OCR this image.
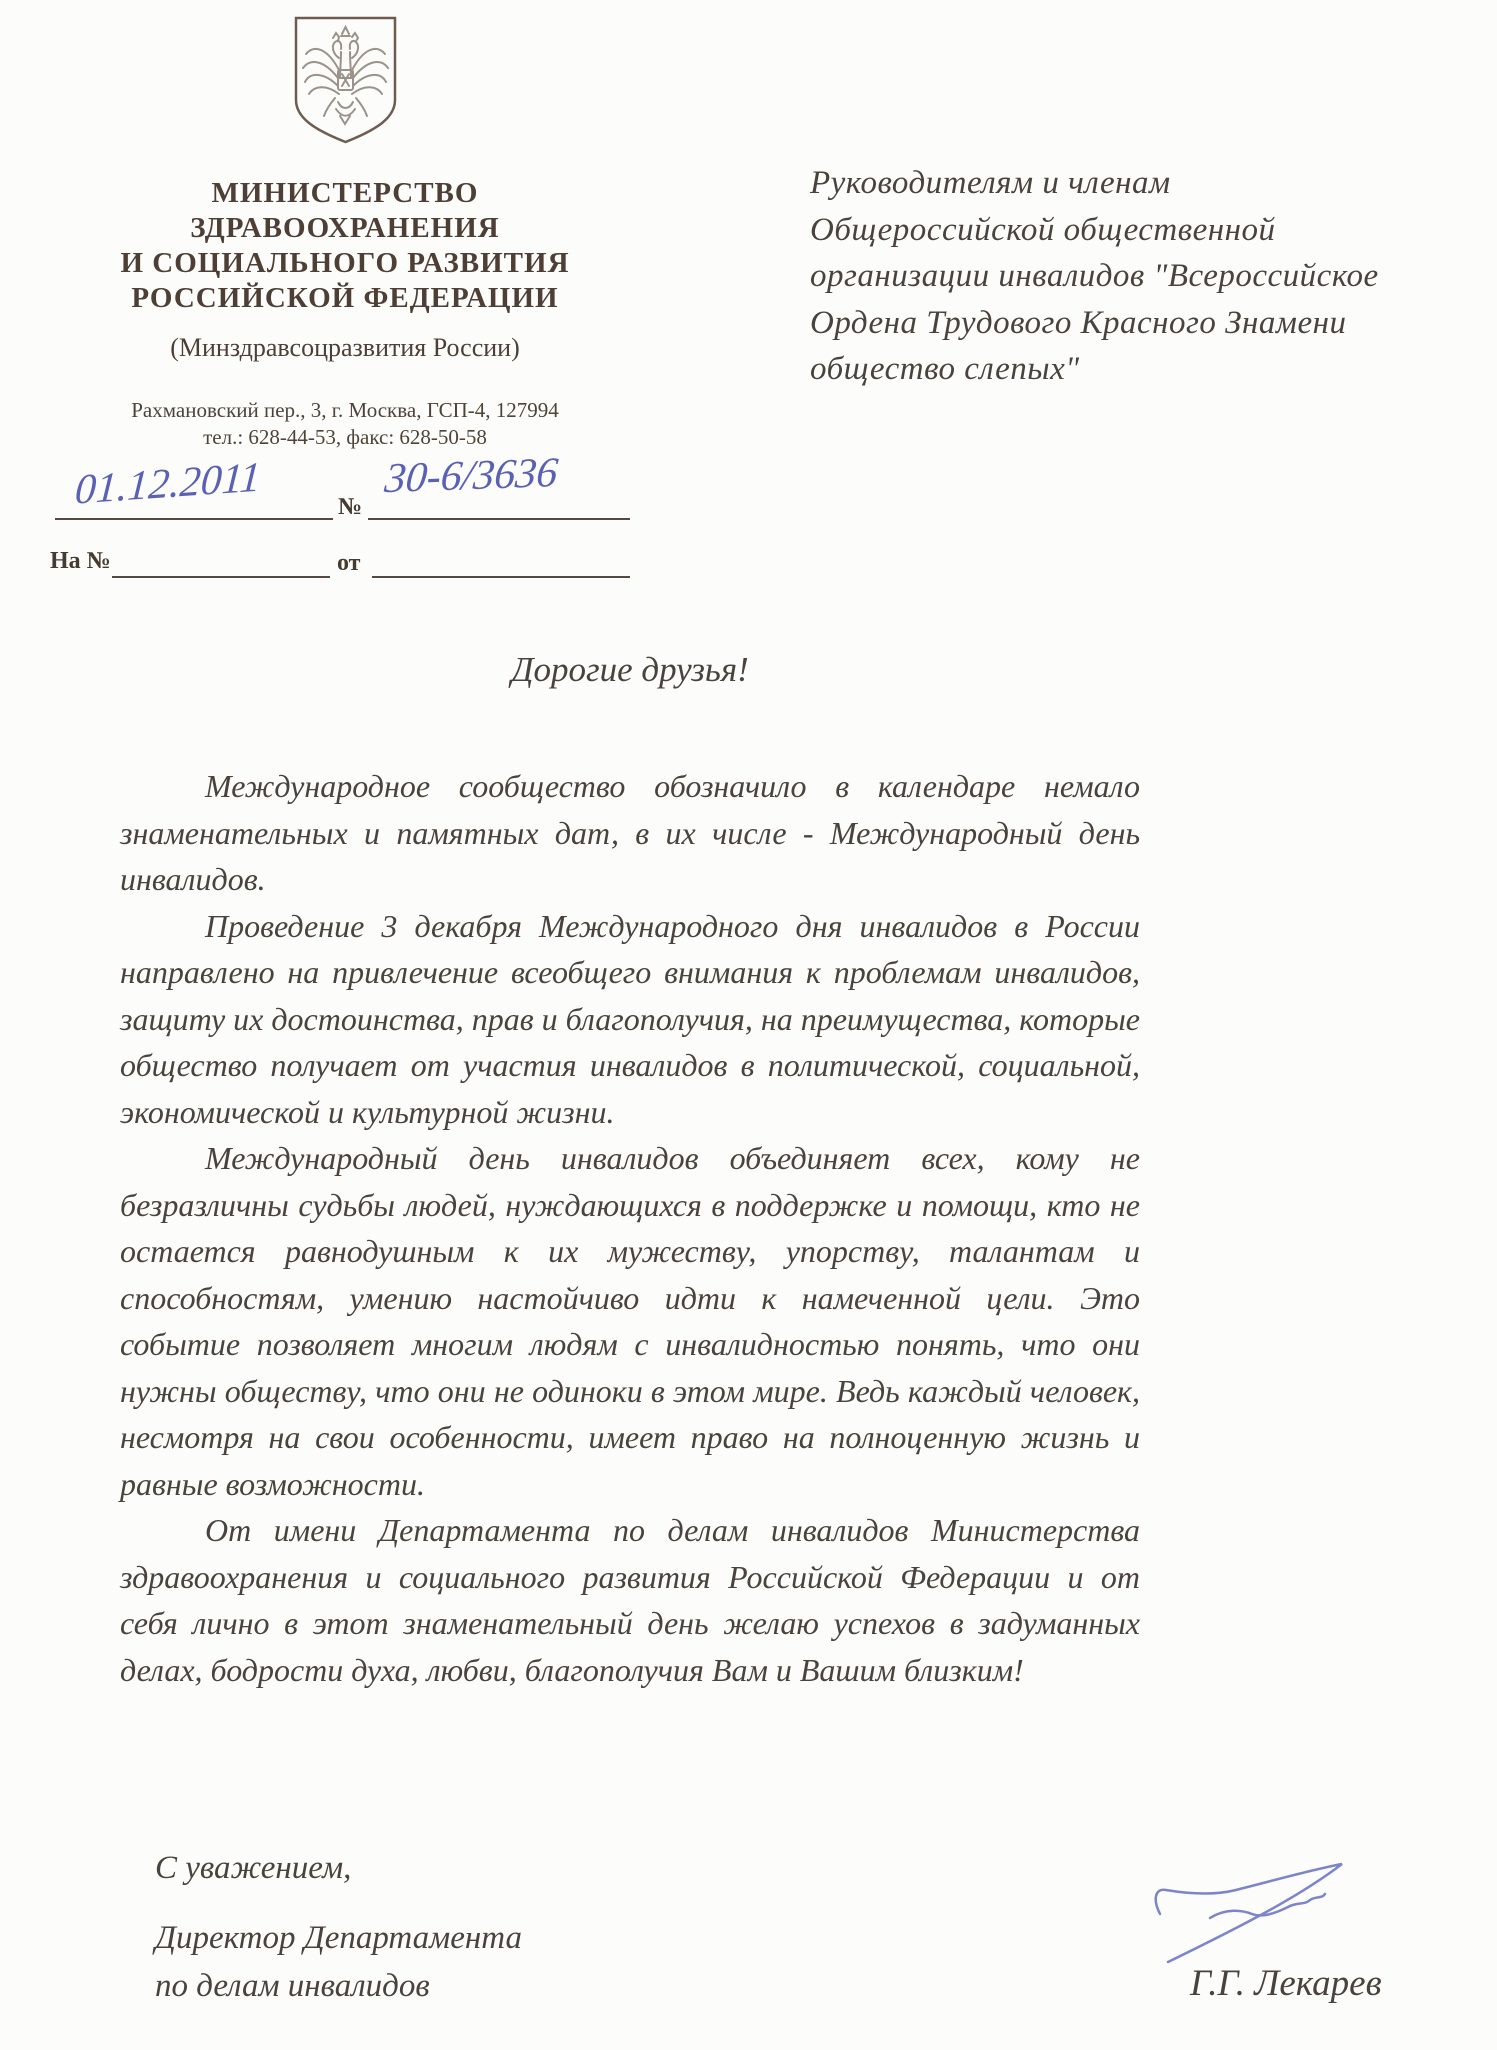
МИНИСТЕРСТВО
ЗДРАВООХРАНЕНИЯ
И СОЦИАЛЬНОГО РАЗВИТИЯ
РОССИЙСКОЙ ФЕДЕРАЦИИ
(Минздравсоцразвития России)
Рахмановский пер., 3, г. Москва, ГСП-4, 127994
тел.: 628-44-53, факс: 628-50-58
01.12.2011	№
30-6/3636
На №	от
Руководителям и членам
Общероссийской общественной
организации инвалидов "Всероссийское
Ордена Трудового Красного Знамени
общество слепых"
Дорогие друзья!

Международное сообщество обозначило в календаре немало знаменательных и памятных дат, в их числе - Международный день инвалидов.

Проведение 3 декабря Международного дня инвалидов в России направлено на привлечение всеобщего внимания к проблемам инвалидов, защиту их достоинства, прав и благополучия, на преимущества, которые общество получает от участия инвалидов в политической, социальной, экономической и культурной жизни.

Международный день инвалидов объединяет всех, кому не безразличны судьбы людей, нуждающихся в поддержке и помощи, кто не остается равнодушным к их мужеству, упорству, талантам и способностям, умению настойчиво идти к намеченной цели. Это событие позволяет многим людям с инвалидностью понять, что они нужны обществу, что они не одиноки в этом мире. Ведь каждый человек, несмотря на свои особенности, имеет право на полноценную жизнь и равные возможности.

От имени Департамента по делам инвалидов Министерства здравоохранения и социального развития Российской Федерации и от себя лично в этот знаменательный день желаю успехов в задуманных делах, бодрости духа, любви, благополучия Вам и Вашим близким!

С уважением,
Директор Департамента
по делам инвалидов	Г.Г. Лекарев
